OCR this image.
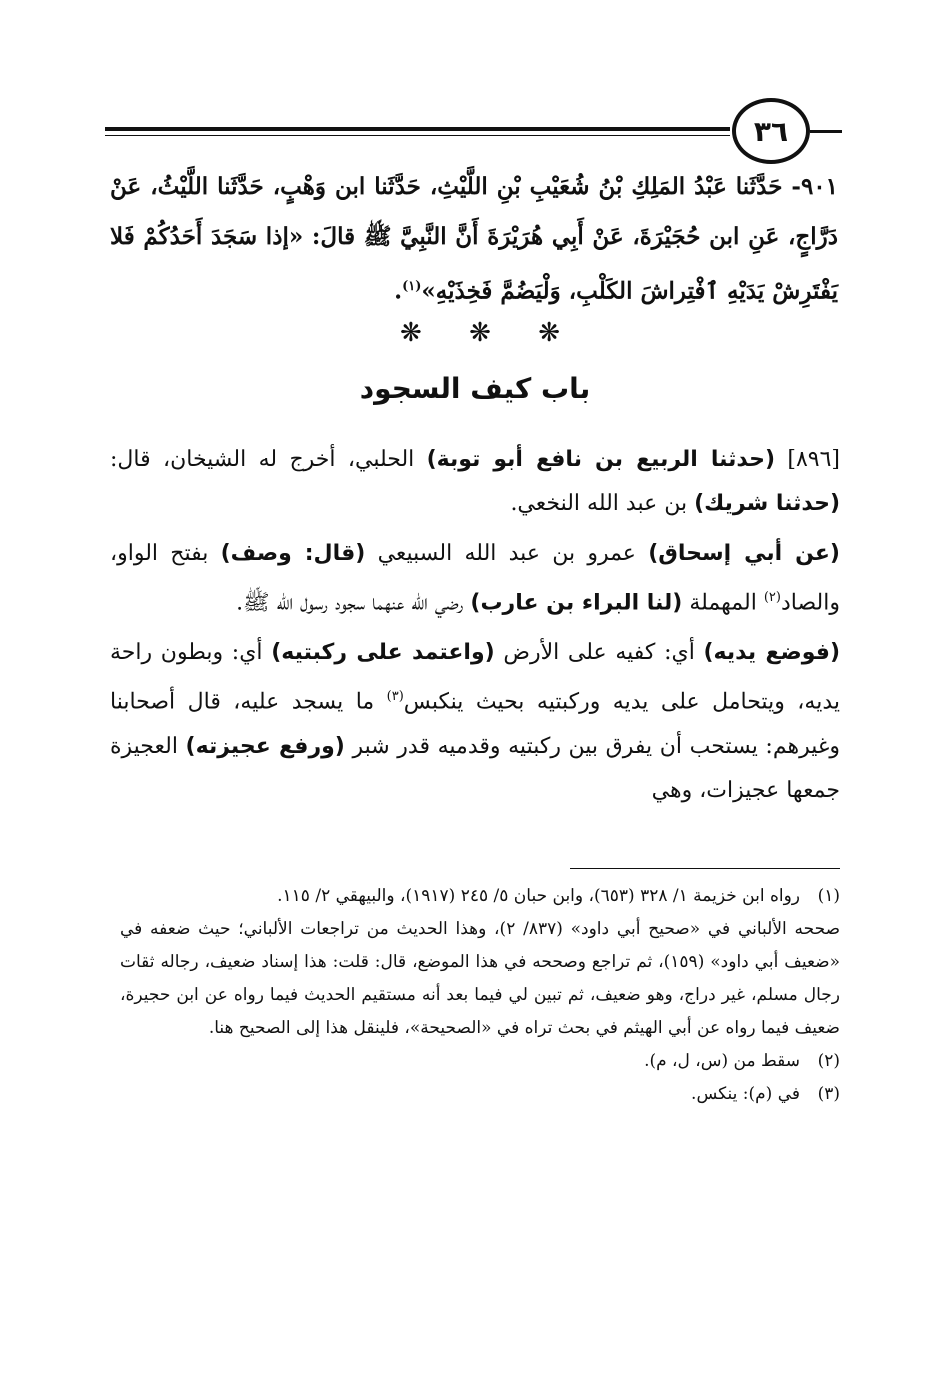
٣٦
٩٠١- حَدَّثَنا عَبْدُ المَلِكِ بْنُ شُعَيْبِ بْنِ اللَّيْثِ، حَدَّثَنا ابن وَهْبٍ، حَدَّثَنا اللَّيْثُ، عَنْ دَرَّاجٍ، عَنِ ابن حُجَيْرَةَ، عَنْ أَبِي هُرَيْرَةَ أَنَّ النَّبِيَّ ﷺ قالَ: «إذا سَجَدَ أَحَدُكُمْ فَلا يَفْتَرِشْ يَدَيْهِ ٱفْتِراشَ الكَلْبِ، وَلْيَضُمَّ فَخِذَيْهِ»$^{(١)}$.
❋
❋
❋
باب كيف السجود

[٨٩٦] (حدثنا الربيع بن نافع أبو توبة) الحلبي، أخرج له الشيخان، قال: (حدثنا شريك) بن عبد الله النخعي.

(عن أبي إسحاق) عمرو بن عبد الله السبيعي (قال: وصف) بفتح الواو، والصاد$^{(٢)}$ المهملة (لنا البراء بن عارب) رضي الله عنهما سجود رسول الله ﷺ.

(فوضع يديه) أي: كفيه على الأرض (واعتمد على ركبتيه) أي: وبطون راحة يديه، ويتحامل على يديه وركبتيه بحيث ينكبس$^{(٣)}$ ما يسجد عليه، قال أصحابنا وغيرهم: يستحب أن يفرق بين ركبتيه وقدميه قدر شبر (ورفع عجيزته) العجيزة جمعها عجيزات، وهي

(١)
رواه ابن خزيمة ١/ ٣٢٨ (٦٥٣)، وابن حبان ٥/ ٢٤٥ (١٩١٧)، والبيهقي ٢/ ١١٥.
صححه الألباني في «صحيح أبي داود» (٨٣٧/ ٢)، وهذا الحديث من تراجعات الألباني؛ حيث ضعفه في «ضعيف أبي داود» (١٥٩)، ثم تراجع وصححه في هذا الموضع، قال: قلت: هذا إسناد ضعيف، رجاله ثقات رجال مسلم، غير دراج، وهو ضعيف، ثم تبين لي فيما بعد أنه مستقيم الحديث فيما رواه عن ابن حجيرة، ضعيف فيما رواه عن أبي الهيثم في بحث تراه في «الصحيحة»، فلينقل هذا إلى الصحيح هنا.
(٢)
سقط من (س، ل، م).
(٣)
في (م): ينكس.
